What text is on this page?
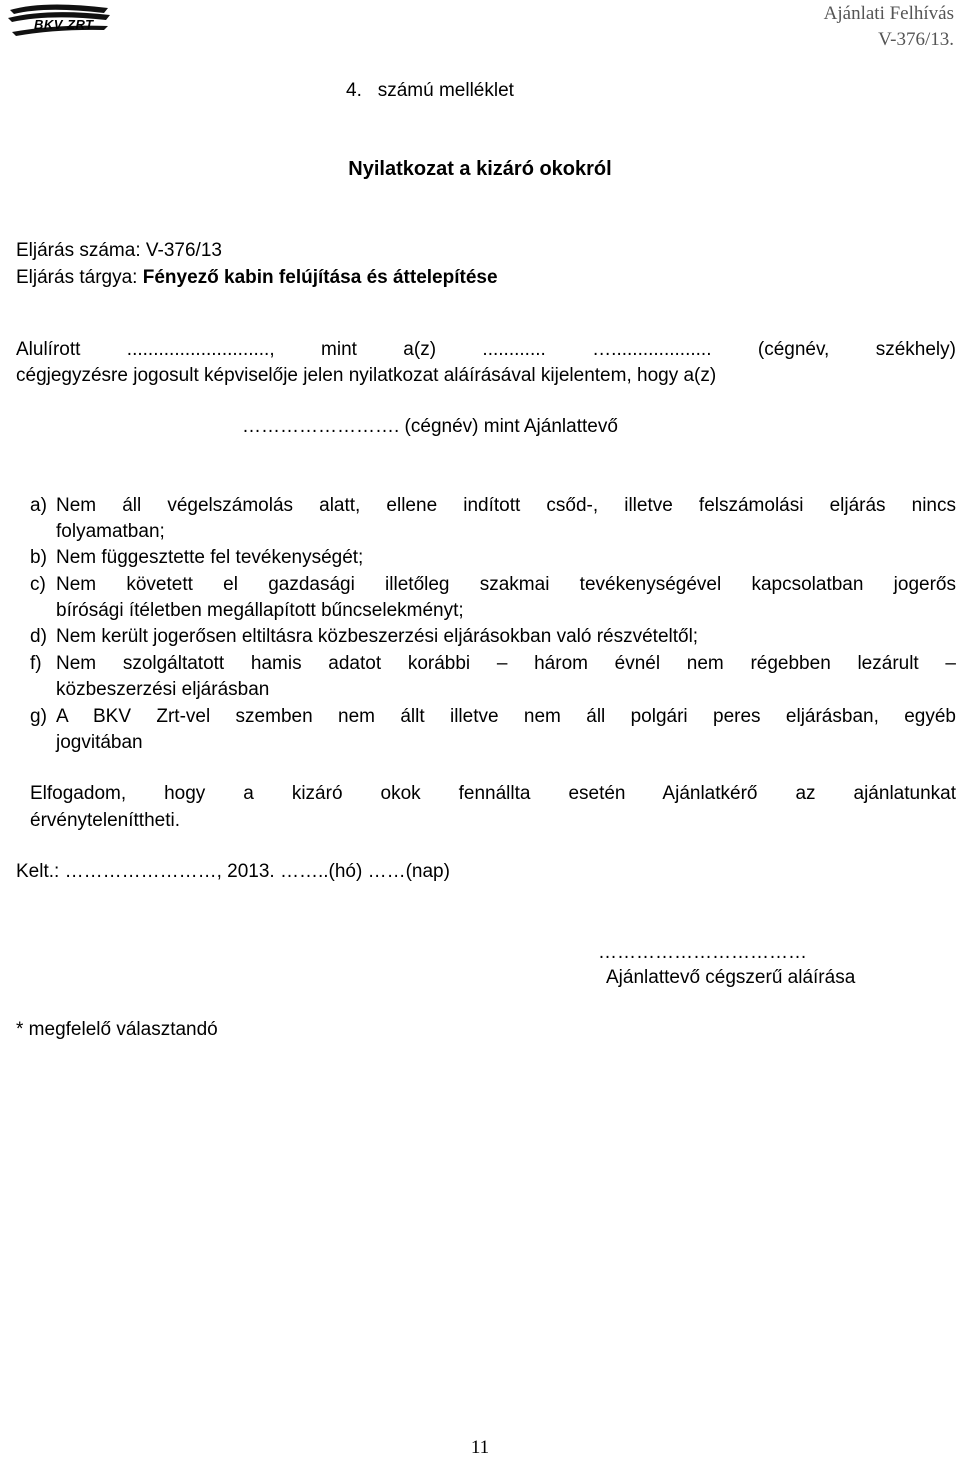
BKV ZRT
Ajánlati Felhívás
V-376/13.
4. számú melléklet
Nyilatkozat a kizáró okokról
Eljárás száma: V-376/13
Eljárás tárgya: Fényező kabin felújítása és áttelepítése
Alulírott ..........................., mint a(z) ............ …................... (cégnév, székhely)
cégjegyzésre jogosult képviselője jelen nyilatkozat aláírásával kijelentem, hogy a(z)
……………………. (cégnév) mint Ajánlattevő
a) Nem áll végelszámolás alatt, ellene indított csőd-, illetve felszámolási eljárás nincs
folyamatban;
b) Nem függesztette fel tevékenységét;
c) Nem követett el gazdasági illetőleg szakmai tevékenységével kapcsolatban jogerős
bírósági ítéletben megállapított bűncselekményt;
d) Nem került jogerősen eltiltásra közbeszerzési eljárásokban való részvételtől;
f) Nem szolgáltatott hamis adatot korábbi – három évnél nem régebben lezárult –
közbeszerzési eljárásban
g) A BKV Zrt-vel szemben nem állt illetve nem áll polgári peres eljárásban, egyéb
jogvitában
Elfogadom, hogy a kizáró okok fennállta esetén Ajánlatkérő az ajánlatunkat
érvényteleníttheti.
Kelt.: ……………………, 2013. ……..(hó) ……(nap)
……………………………
Ajánlattevő cégszerű aláírása
* megfelelő választandó
11
